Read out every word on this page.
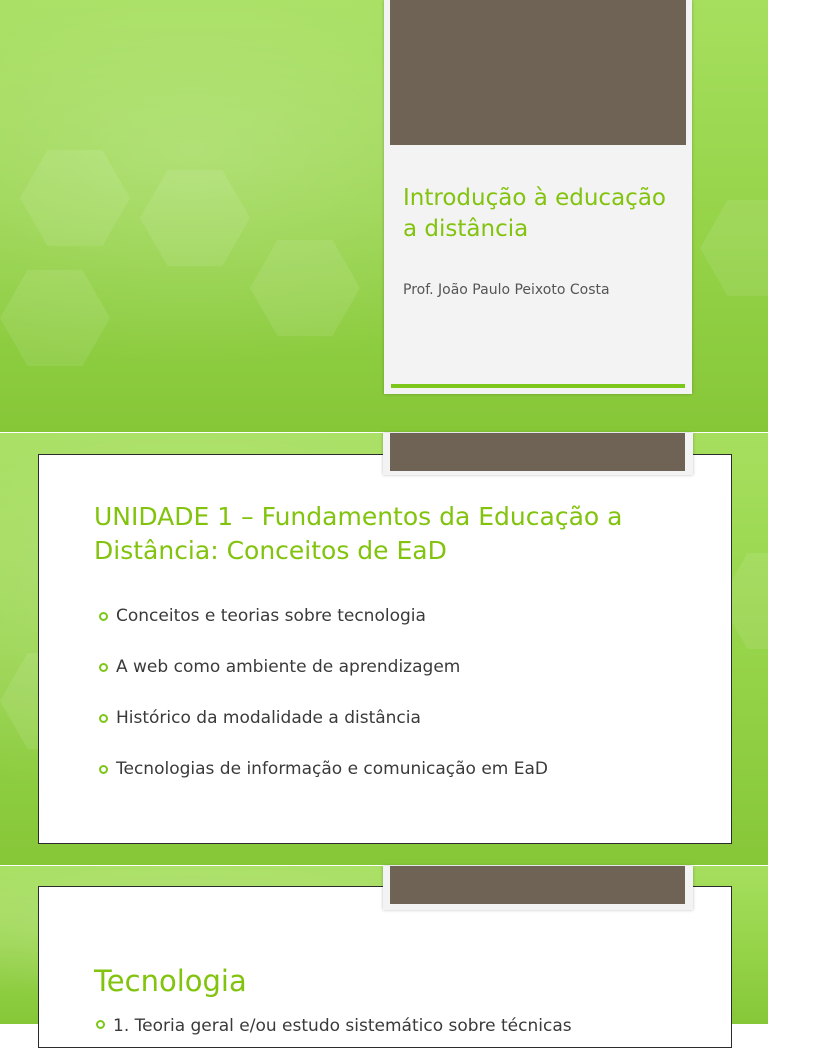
Introdução à educação a distância

Prof. João Paulo Peixoto Costa

UNIDADE 1 – Fundamentos da Educação a Distância: Conceitos de EaD
Conceitos e teorias sobre tecnologia
A web como ambiente de aprendizagem
Histórico da modalidade a distância
Tecnologias de informação e comunicação em EaD
Tecnologia
1. Teoria geral e/ou estudo sistemático sobre técnicas
